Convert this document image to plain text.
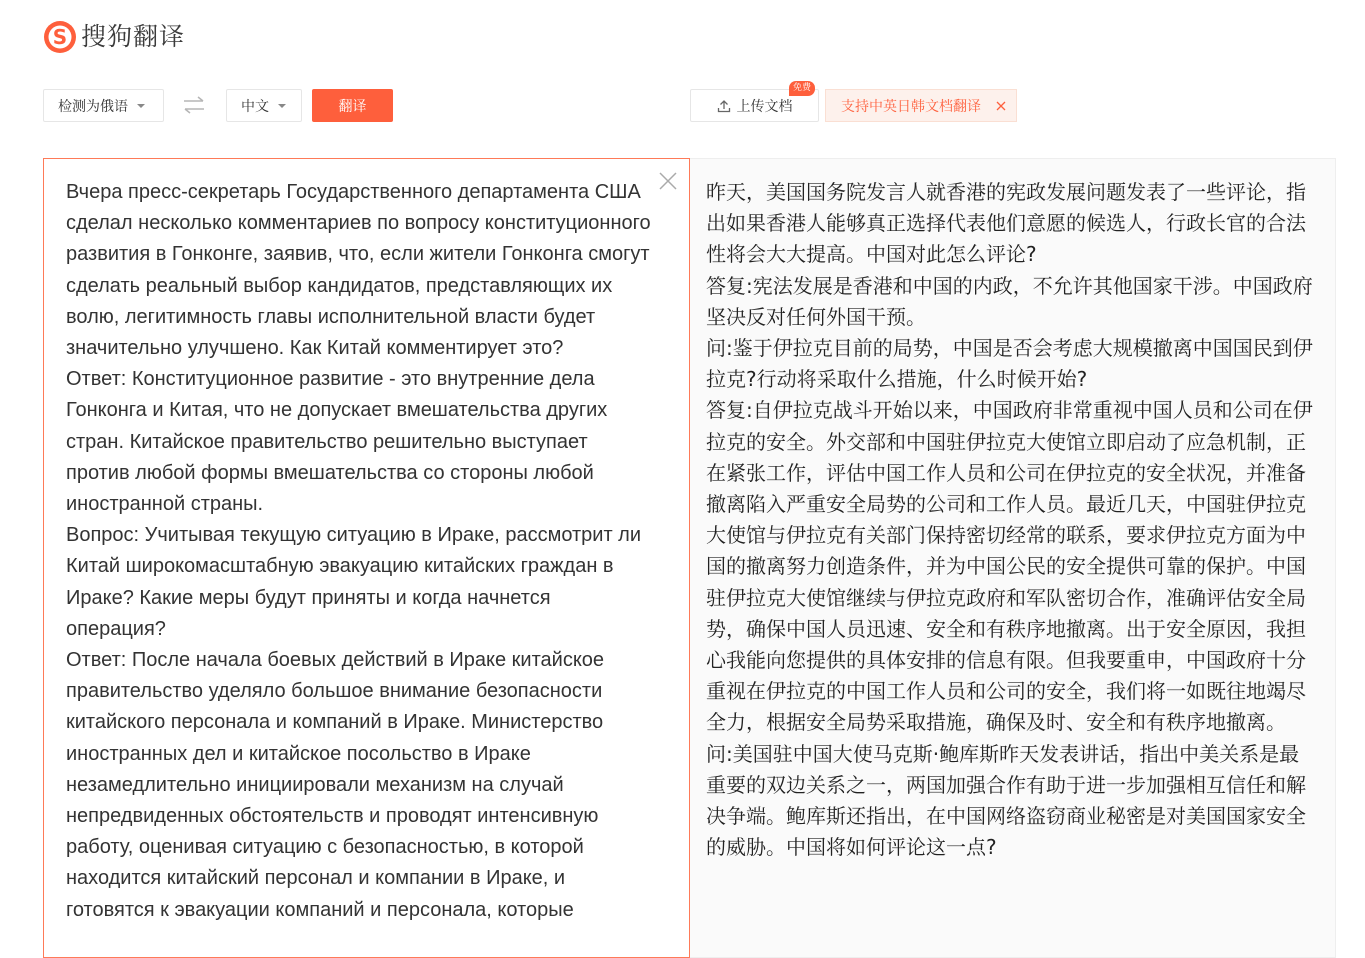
S 搜狗翻译
检测为俄语	中文	翻译	上传文档
免费
支持中英日韩文档翻译
Вчера пресс-секретарь Государственного департамента США сделал несколько комментариев по вопросу конституционного развития в Гонконге, заявив, что, если жители Гонконга смогут сделать реальный выбор кандидатов, представляющих их волю, легитимность главы исполнительной власти будет значительно улучшено. Как Китай комментирует это?
Ответ: Конституционное развитие - это внутренние дела Гонконга и Китая, что не допускает вмешательства других стран. Китайское правительство решительно выступает против любой формы вмешательства со стороны любой иностранной страны.
Вопрос: Учитывая текущую ситуацию в Ираке, рассмотрит ли Китай широкомасштабную эвакуацию китайских граждан в Ираке? Какие меры будут приняты и когда начнется операция?
Ответ: После начала боевых действий в Ираке китайское правительство уделяло большое внимание безопасности китайского персонала и компаний в Ираке. Министерство иностранных дел и китайское посольство в Ираке незамедлительно инициировали механизм на случай непредвиденных обстоятельств и проводят интенсивную работу, оценивая ситуацию с безопасностью, в которой находится китайский персонал и компании в Ираке, и готовятся к эвакуации компаний и персонала, которые
昨天，美国国务院发言人就香港的宪政发展问题发表了一些评论，指出如果香港人能够真正选择代表他们意愿的候选人，行政长官的合法性将会大大提高。中国对此怎么评论?
答复:宪法发展是香港和中国的内政，不允许其他国家干涉。中国政府坚决反对任何外国干预。
问:鉴于伊拉克目前的局势，中国是否会考虑大规模撤离中国国民到伊拉克?行动将采取什么措施，什么时候开始?
答复:自伊拉克战斗开始以来，中国政府非常重视中国人员和公司在伊拉克的安全。外交部和中国驻伊拉克大使馆立即启动了应急机制，正在紧张工作，评估中国工作人员和公司在伊拉克的安全状况，并准备撤离陷入严重安全局势的公司和工作人员。最近几天，中国驻伊拉克大使馆与伊拉克有关部门保持密切经常的联系，要求伊拉克方面为中国的撤离努力创造条件，并为中国公民的安全提供可靠的保护。中国驻伊拉克大使馆继续与伊拉克政府和军队密切合作，准确评估安全局势，确保中国人员迅速、安全和有秩序地撤离。出于安全原因，我担心我能向您提供的具体安排的信息有限。但我要重申，中国政府十分重视在伊拉克的中国工作人员和公司的安全，我们将一如既往地竭尽全力，根据安全局势采取措施，确保及时、安全和有秩序地撤离。
问:美国驻中国大使马克斯·鲍库斯昨天发表讲话，指出中美关系是最重要的双边关系之一，两国加强合作有助于进一步加强相互信任和解决争端。鲍库斯还指出，在中国网络盗窃商业秘密是对美国国家安全的威胁。中国将如何评论这一点?
